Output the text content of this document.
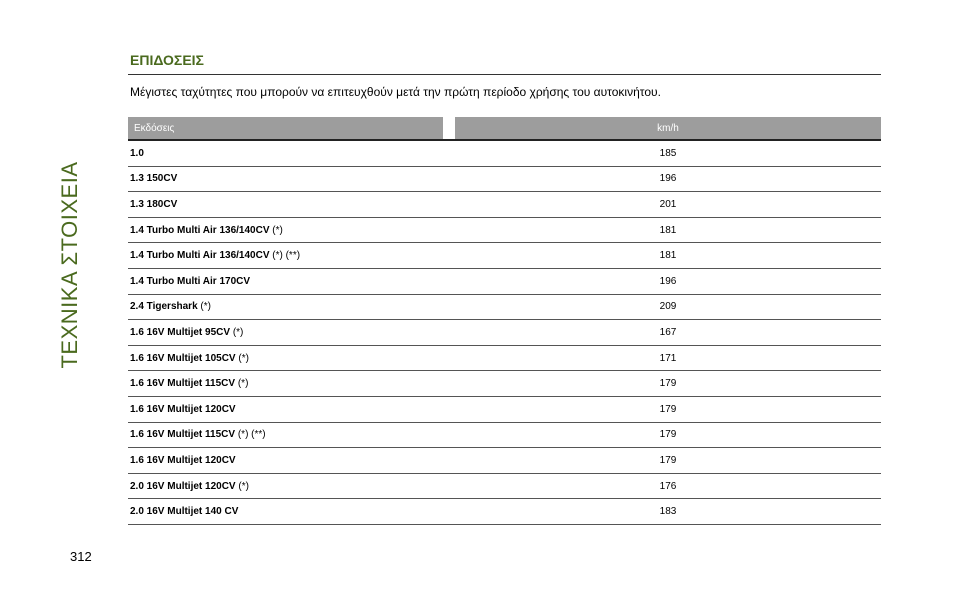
ΤΕΧΝΙΚΑ ΣΤΟΙΧΕΙΑ
312
ΕΠΙΔΟΣΕΙΣ
Μέγιστες ταχύτητες που μπορούν να επιτευχθούν μετά την πρώτη περίοδο χρήσης του αυτοκινήτου.
Εκδόσεις	km/h
1.0	185
1.3 150CV	196
1.3 180CV	201
1.4 Turbo Multi Air 136/140CV (*)	181
1.4 Turbo Multi Air 136/140CV (*) (**)	181
1.4 Turbo Multi Air 170CV	196
2.4 Tigershark (*)	209
1.6 16V Multijet 95CV (*)	167
1.6 16V Multijet 105CV (*)	171
1.6 16V Multijet 115CV (*)	179
1.6 16V Multijet 120CV	179
1.6 16V Multijet 115CV (*) (**)	179
1.6 16V Multijet 120CV	179
2.0 16V Multijet 120CV (*)	176
2.0 16V Multijet 140 CV	183
